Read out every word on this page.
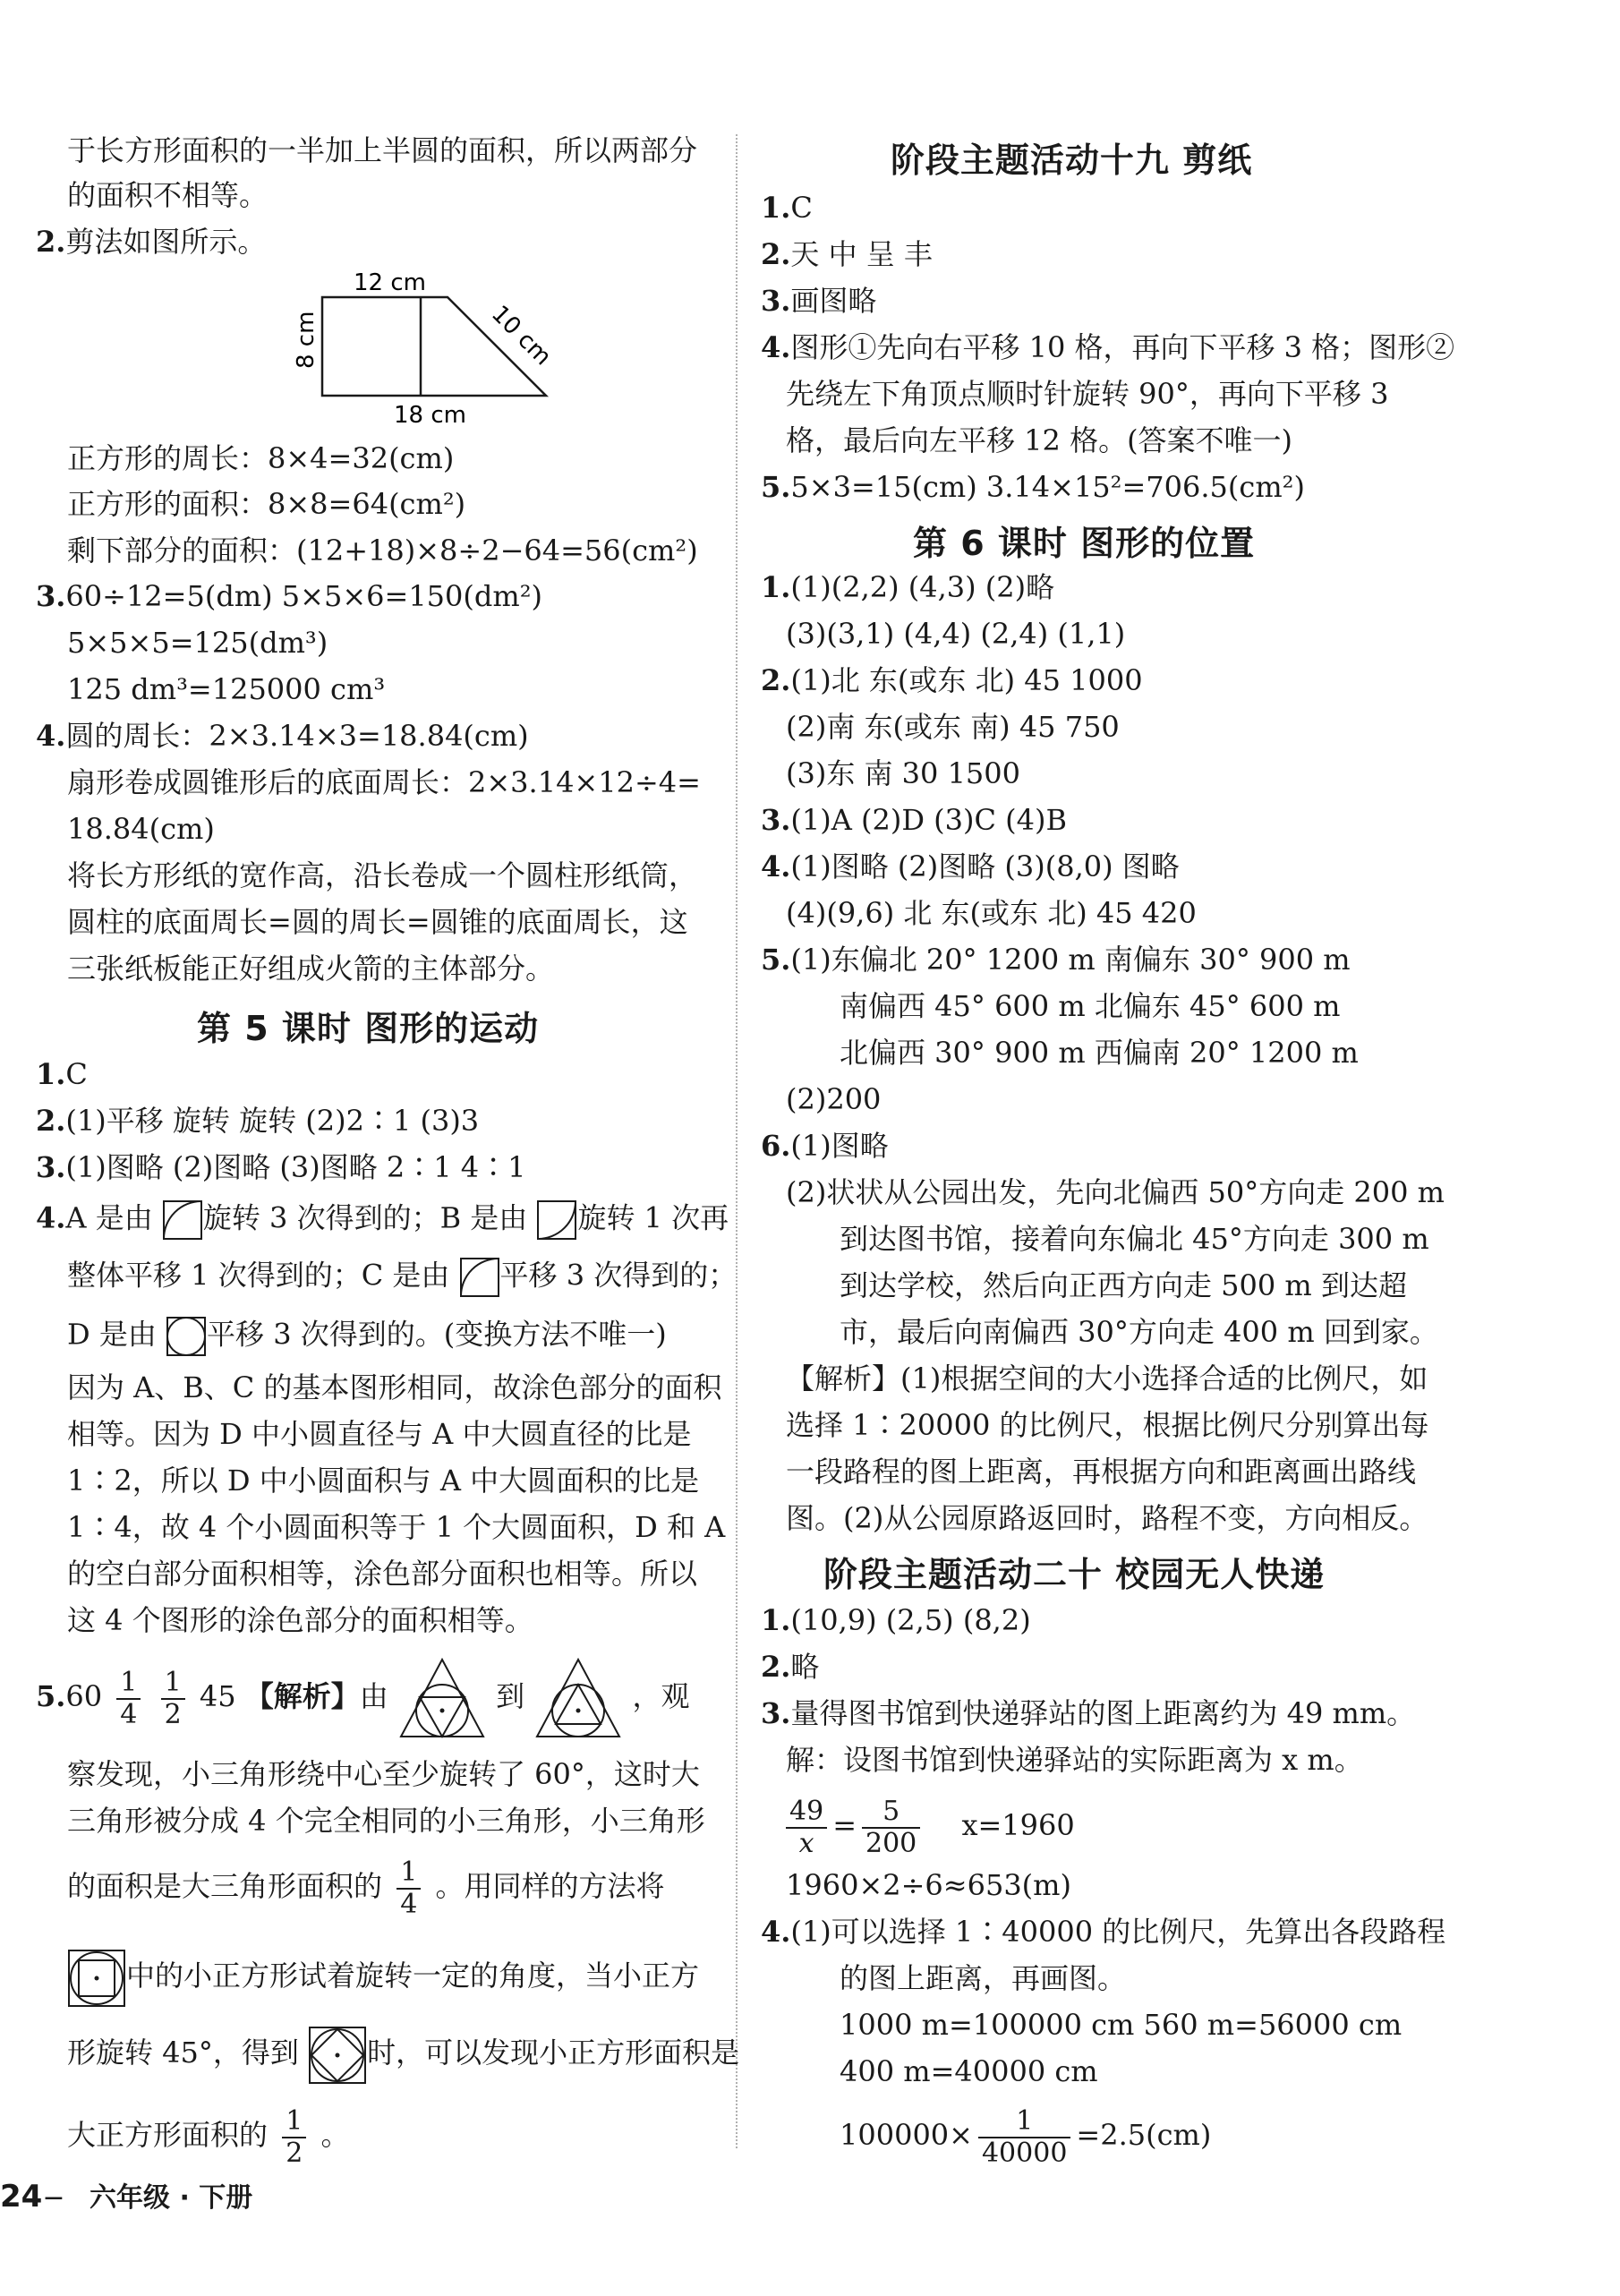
于长方形面积的一半加上半圆的面积，所以两部分
的面积不相等。
2.剪法如图所示。
12 cm
8 cm	10 cm
18 cm
正方形的周长：8×4=32(cm)
正方形的面积：8×8=64(cm²)
剩下部分的面积：(12+18)×8÷2−64=56(cm²)
3.60÷12=5(dm) 5×5×6=150(dm²)
5×5×5=125(dm³)
125 dm³=125000 cm³
4.圆的周长：2×3.14×3=18.84(cm)
扇形卷成圆锥形后的底面周长：2×3.14×12÷4=
18.84(cm)
将长方形纸的宽作高，沿长卷成一个圆柱形纸筒，
圆柱的底面周长=圆的周长=圆锥的底面周长，这
三张纸板能正好组成火箭的主体部分。
第 5 课时 图形的运动
1.C
2.(1)平移 旋转 旋转 (2)2∶1 (3)3
3.(1)图略 (2)图略 (3)图略 2∶1 4∶1
4.A 是由 旋转 3 次得到的；B 是由 旋转 1 次再
整体平移 1 次得到的；C 是由 平移 3 次得到的；
D 是由 平移 3 次得到的。(变换方法不唯一)
因为 A、B、C 的基本图形相同，故涂色部分的面积
相等。因为 D 中小圆直径与 A 中大圆直径的比是
1∶2，所以 D 中小圆面积与 A 中大圆面积的比是
1∶4，故 4 个小圆面积等于 1 个大圆面积，D 和 A
的空白部分面积相等，涂色部分面积也相等。所以
这 4 个图形的涂色部分的面积相等。
$5.60 \frac{1}{4}$
$\frac{1}{2} 45$ 【解析】由	到	，观
察发现，小三角形绕中心至少旋转了 60°，这时大
三角形被分成 4 个完全相同的小三角形，小三角形
的面积是大三角形面积的 $\frac{1}{4}$ 。用同样的方法将
中的小正方形试着旋转一定的角度，当小正方
形旋转 45°，得到 时，可以发现小正方形面积是
大正方形面积的 $\frac{1}{2}$ 。
阶段主题活动十九 剪纸
1.C
2.天 中 呈 丰
3.画图略
4.图形①先向右平移 10 格，再向下平移 3 格；图形②
先绕左下角顶点顺时针旋转 90°，再向下平移 3
格，最后向左平移 12 格。(答案不唯一)
5.5×3=15(cm) 3.14×15²=706.5(cm²)
第 6 课时 图形的位置
1.(1)(2,2) (4,3) (2)略
(3)(3,1) (4,4) (2,4) (1,1)
2.(1)北 东(或东 北) 45 1000
(2)南 东(或东 南) 45 750
(3)东 南 30 1500
3.(1)A (2)D (3)C (4)B
4.(1)图略 (2)图略 (3)(8,0) 图略
(4)(9,6) 北 东(或东 北) 45 420
5.(1)东偏北 20° 1200 m 南偏东 30° 900 m
南偏西 45° 600 m 北偏东 45° 600 m
北偏西 30° 900 m 西偏南 20° 1200 m
(2)200
6.(1)图略
(2)状状从公园出发，先向北偏西 50°方向走 200 m
到达图书馆，接着向东偏北 45°方向走 300 m
到达学校，然后向正西方向走 500 m 到达超
市，最后向南偏西 30°方向走 400 m 回到家。
【解析】(1)根据空间的大小选择合适的比例尺，如
选择 1∶20000 的比例尺，根据比例尺分别算出每
一段路程的图上距离，再根据方向和距离画出路线
图。(2)从公园原路返回时，路程不变，方向相反。
阶段主题活动二十 校园无人快递
1.(10,9) (2,5) (8,2)
2.略
3.量得图书馆到快递驿站的图上距离约为 49 mm。
解：设图书馆到快递驿站的实际距离为 x m。
$\frac{49}{x} = \frac{5}{200} x=1960$
1960×2÷6≈653(m)
4.(1)可以选择 1∶40000 的比例尺，先算出各段路程
的图上距离，再画图。
1000 m=100000 cm 560 m=56000 cm
400 m=40000 cm
$100000\times \frac{1}{40000} =2.5(cm)$
24− 六年级 · 下册
